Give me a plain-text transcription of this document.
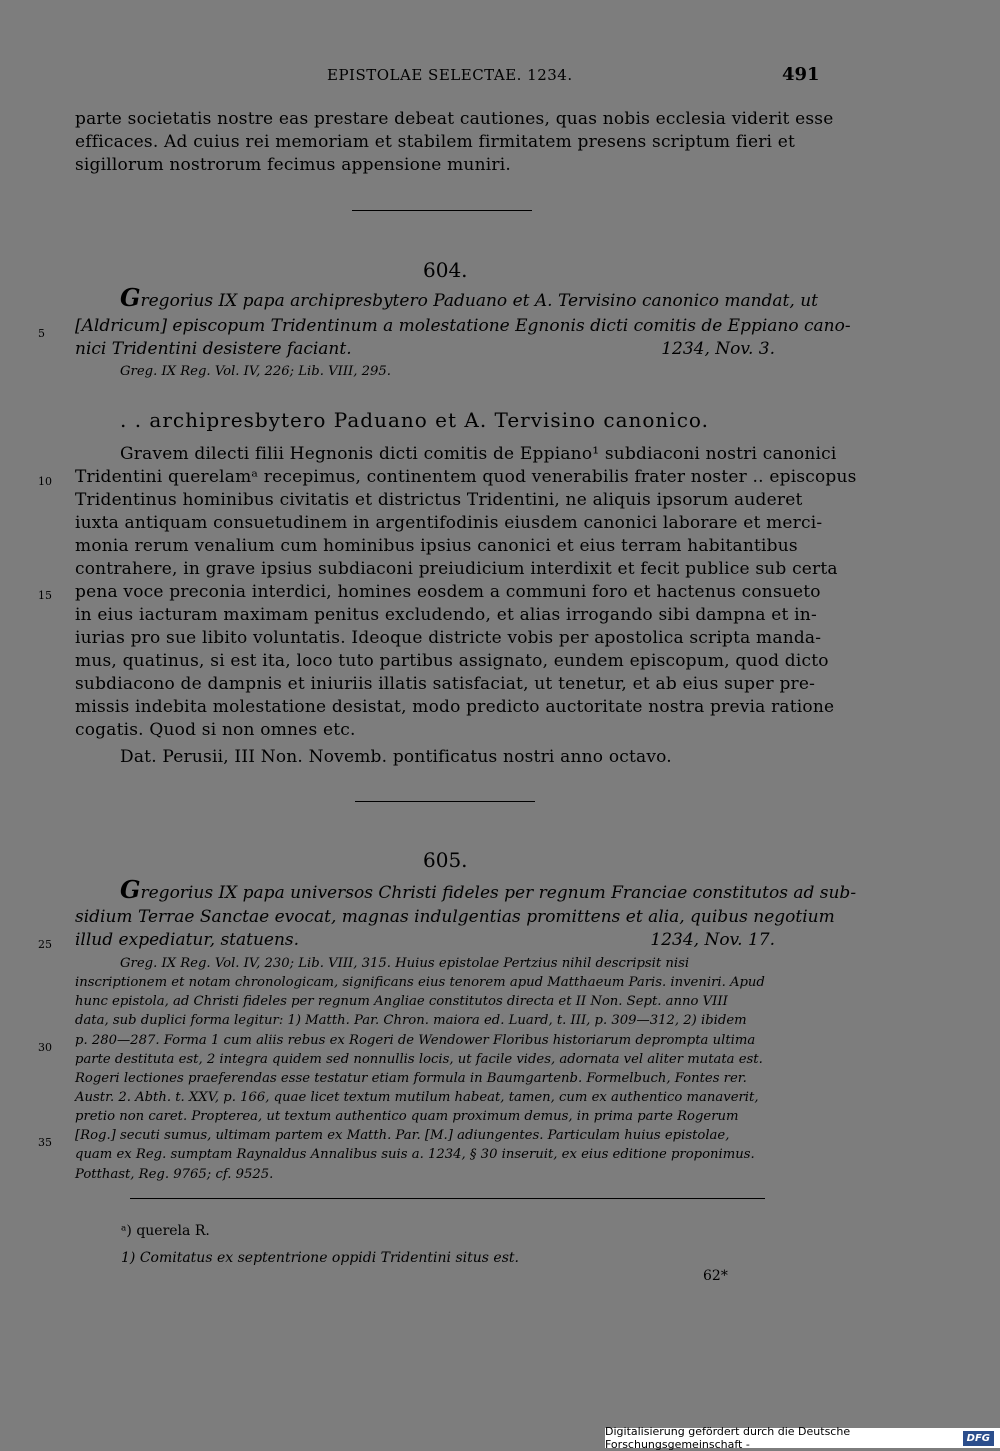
EPISTOLAE SELECTAE. 1234.	491
parte societatis nostre eas prestare debeat cautiones, quas nobis ecclesia viderit esse
efficaces. Ad cuius rei memoriam et stabilem firmitatem presens scriptum fieri et
sigillorum nostrorum fecimus appensione muniri.
604.
Gregorius IX papa archipresbytero Paduano et A. Tervisino canonico mandat, ut
[Aldricum] episcopum Tridentinum a molestatione Egnonis dicti comitis de Eppiano cano-
nici Tridentini desistere faciant.	1234, Nov. 3.
Greg. IX Reg. Vol. IV, 226; Lib. VIII, 295.
. . archipresbytero Paduano et A. Tervisino canonico.
Gravem dilecti filii Hegnonis dicti comitis de Eppiano¹ subdiaconi nostri canonici
Tridentini querelamᵃ recepimus, continentem quod venerabilis frater noster .. episcopus
Tridentinus hominibus civitatis et districtus Tridentini, ne aliquis ipsorum auderet
iuxta antiquam consuetudinem in argentifodinis eiusdem canonici laborare et merci-
monia rerum venalium cum hominibus ipsius canonici et eius terram habitantibus
contrahere, in grave ipsius subdiaconi preiudicium interdixit et fecit publice sub certa
pena voce preconia interdici, homines eosdem a communi foro et hactenus consueto
in eius iacturam maximam penitus excludendo, et alias irrogando sibi dampna et in-
iurias pro sue libito voluntatis. Ideoque districte vobis per apostolica scripta manda-
mus, quatinus, si est ita, loco tuto partibus assignato, eundem episcopum, quod dicto
subdiacono de dampnis et iniuriis illatis satisfaciat, ut tenetur, et ab eius super pre-
missis indebita molestatione desistat, modo predicto auctoritate nostra previa ratione
cogatis. Quod si non omnes etc.
Dat. Perusii, III Non. Novemb. pontificatus nostri anno octavo.
605.
Gregorius IX papa universos Christi fideles per regnum Franciae constitutos ad sub-
sidium Terrae Sanctae evocat, magnas indulgentias promittens et alia, quibus negotium
illud expediatur, statuens.	1234, Nov. 17.
Greg. IX Reg. Vol. IV, 230; Lib. VIII, 315. Huius epistolae Pertzius nihil descripsit nisi
inscriptionem et notam chronologicam, significans eius tenorem apud Matthaeum Paris. inveniri. Apud
hunc epistola, ad Christi fideles per regnum Angliae constitutos directa et II Non. Sept. anno VIII
data, sub duplici forma legitur: 1) Matth. Par. Chron. maiora ed. Luard, t. III, p. 309—312, 2) ibidem
p. 280—287. Forma 1 cum aliis rebus ex Rogeri de Wendower Floribus historiarum deprompta ultima
parte destituta est, 2 integra quidem sed nonnullis locis, ut facile vides, adornata vel aliter mutata est.
Rogeri lectiones praeferendas esse testatur etiam formula in Baumgartenb. Formelbuch, Fontes rer.
Austr. 2. Abth. t. XXV, p. 166, quae licet textum mutilum habeat, tamen, cum ex authentico manaverit,
pretio non caret. Propterea, ut textum authentico quam proximum demus, in prima parte Rogerum
[Rog.] secuti sumus, ultimam partem ex Matth. Par. [M.] adiungentes. Particulam huius epistolae,
quam ex Reg. sumptam Raynaldus Annalibus suis a. 1234, § 30 inseruit, ex eius editione proponimus.
Potthast, Reg. 9765; cf. 9525.
5
10
15
25
30
35
ᵃ) querela R.
1) Comitatus ex septentrione oppidi Tridentini situs est.
62*
Digitalisierung gefördert durch die Deutsche Forschungsgemeinschaft -	DFG
